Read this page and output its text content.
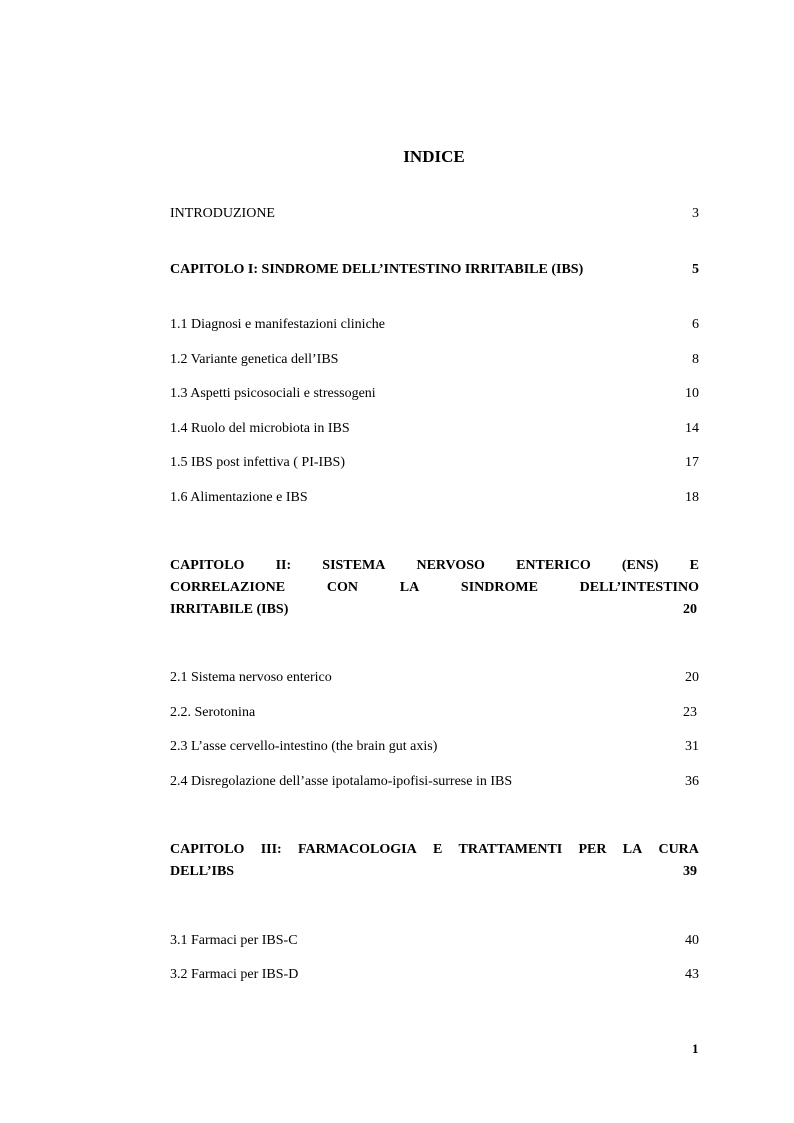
INDICE
INTRODUZIONE	3
CAPITOLO I: SINDROME DELL’INTESTINO IRRITABILE (IBS)	5
1.1 Diagnosi e manifestazioni cliniche	6
1.2 Variante genetica dell’IBS	8
1.3 Aspetti psicosociali e stressogeni	10
1.4 Ruolo del microbiota in IBS	14
1.5 IBS post infettiva ( PI-IBS)	17
1.6 Alimentazione e IBS	18
CAPITOLO II: SISTEMA NERVOSO ENTERICO (ENS) E
CORRELAZIONE	CON	LA	SINDROME	DELL’INTESTINO
IRRITABILE (IBS)	20
2.1 Sistema nervoso enterico	20
2.2. Serotonina	23
2.3 L’asse cervello-intestino (the brain gut axis)	31
2.4 Disregolazione dell’asse ipotalamo-ipofisi-surrese in IBS	36
CAPITOLO III: FARMACOLOGIA E TRATTAMENTI PER LA CURA
DELL’IBS	39
3.1 Farmaci per IBS-C	40
3.2 Farmaci per IBS-D	43
1
